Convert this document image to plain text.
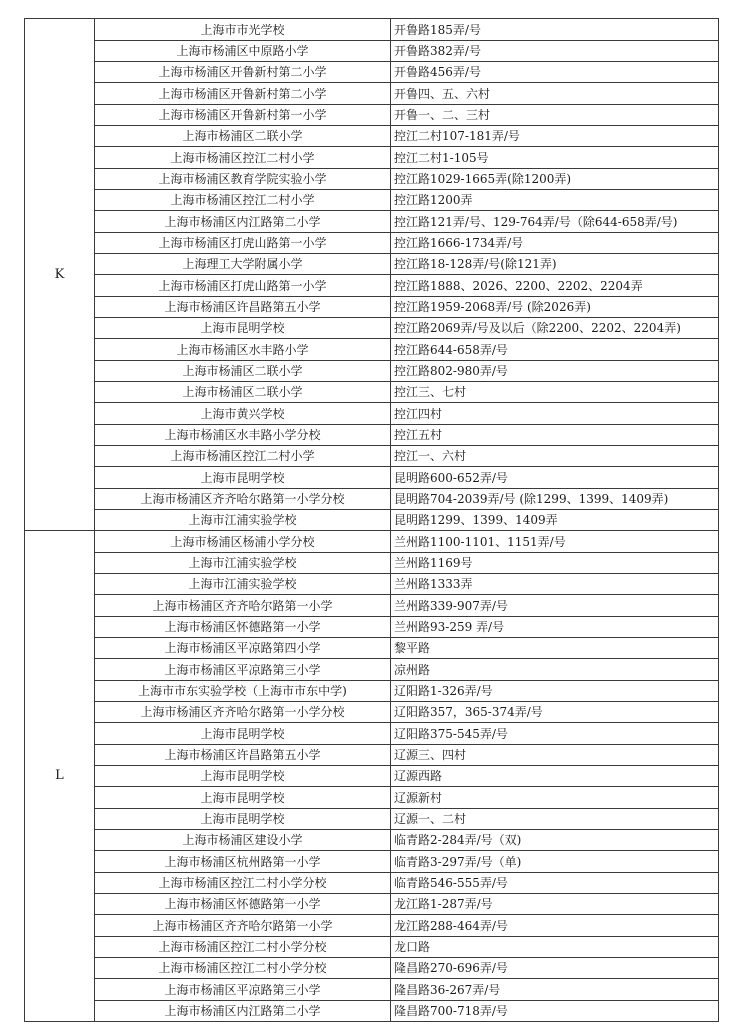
K	上海市市光学校	开鲁路185弄/号
	上海市杨浦区中原路小学	开鲁路382弄/号
	上海市杨浦区开鲁新村第二小学	开鲁路456弄/号
	上海市杨浦区开鲁新村第二小学	开鲁四、五、六村
	上海市杨浦区开鲁新村第一小学	开鲁一、二、三村
	上海市杨浦区二联小学	控江二村107-181弄/号
	上海市杨浦区控江二村小学	控江二村1-105号
	上海市杨浦区教育学院实验小学	控江路1029-1665弄(除1200弄)
	上海市杨浦区控江二村小学	控江路1200弄
	上海市杨浦区内江路第二小学	控江路121弄/号、129-764弄/号（除644-658弄/号)
	上海市杨浦区打虎山路第一小学	控江路1666-1734弄/号
	上海理工大学附属小学	控江路18-128弄/号(除121弄)
	上海市杨浦区打虎山路第一小学	控江路1888、2026、2200、2202、2204弄
	上海市杨浦区许昌路第五小学	控江路1959-2068弄/号 (除2026弄)
	上海市昆明学校	控江路2069弄/号及以后（除2200、2202、2204弄)
	上海市杨浦区水丰路小学	控江路644-658弄/号
	上海市杨浦区二联小学	控江路802-980弄/号
	上海市杨浦区二联小学	控江三、七村
	上海市黄兴学校	控江四村
	上海市杨浦区水丰路小学分校	控江五村
	上海市杨浦区控江二村小学	控江一、六村
	上海市昆明学校	昆明路600-652弄/号
	上海市杨浦区齐齐哈尔路第一小学分校	昆明路704-2039弄/号 (除1299、1399、1409弄)
	上海市江浦实验学校	昆明路1299、1399、1409弄
L	上海市杨浦区杨浦小学分校	兰州路1100-1101、1151弄/号
	上海市江浦实验学校	兰州路1169号
	上海市江浦实验学校	兰州路1333弄
	上海市杨浦区齐齐哈尔路第一小学	兰州路339-907弄/号
	上海市杨浦区怀德路第一小学	兰州路93-259 弄/号
	上海市杨浦区平凉路第四小学	黎平路
	上海市杨浦区平凉路第三小学	凉州路
	上海市市东实验学校（上海市市东中学)	辽阳路1-326弄/号
	上海市杨浦区齐齐哈尔路第一小学分校	辽阳路357，365-374弄/号
	上海市昆明学校	辽阳路375-545弄/号
	上海市杨浦区许昌路第五小学	辽源三、四村
	上海市昆明学校	辽源西路
	上海市昆明学校	辽源新村
	上海市昆明学校	辽源一、二村
	上海市杨浦区建设小学	临青路2-284弄/号（双)
	上海市杨浦区杭州路第一小学	临青路3-297弄/号（单)
	上海市杨浦区控江二村小学分校	临青路546-555弄/号
	上海市杨浦区怀德路第一小学	龙江路1-287弄/号
	上海市杨浦区齐齐哈尔路第一小学	龙江路288-464弄/号
	上海市杨浦区控江二村小学分校	龙口路
	上海市杨浦区控江二村小学分校	隆昌路270-696弄/号
	上海市杨浦区平凉路第三小学	隆昌路36-267弄/号
	上海市杨浦区内江路第二小学	隆昌路700-718弄/号
